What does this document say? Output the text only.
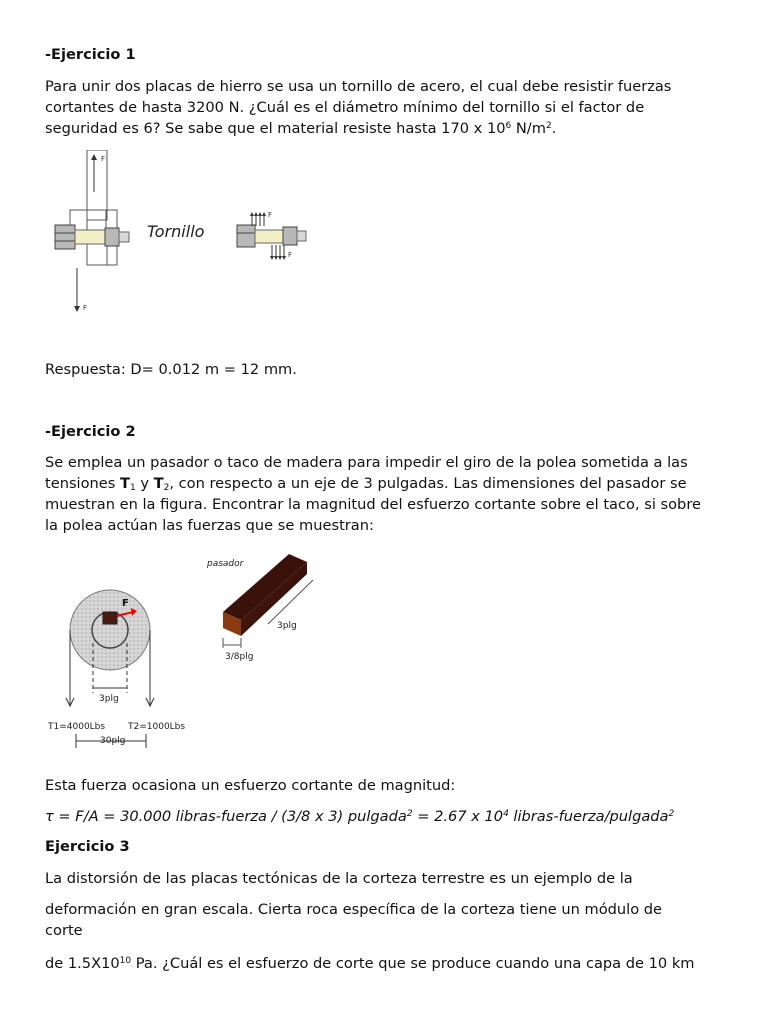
-Ejercicio 1

Para unir dos placas de hierro se usa un tornillo de acero, el cual debe resistir fuerzas

cortantes de hasta 3200 N. ¿Cuál es el diámetro mínimo del tornillo si el factor de

seguridad es 6? Se sabe que el material resiste hasta 170 x $10^6$ $N/m^2$.

F
F
Tornillo
F
F

Respuesta: D= 0.012 m = 12 mm.

-Ejercicio 2

Se emplea un pasador o taco de madera para impedir el giro de la polea sometida a las

tensiones $T_1$ y $T_2$, con respecto a un eje de 3 pulgadas. Las dimensiones del pasador se

muestran en la figura. Encontrar la magnitud del esfuerzo cortante sobre el taco, si sobre

la polea actúan las fuerzas que se muestran:

F
3plg
T1=4000Lbs	T2=1000Lbs
30plg
pasador
3plg
3/8plg

Esta fuerza ocasiona un esfuerzo cortante de magnitud:

τ = F/A = 30.000 libras-fuerza / (3/8 x 3) pulgada$^2$ = 2.67 x $10^4$ libras-fuerza/pulgada$^2$

Ejercicio 3

La distorsión de las placas tectónicas de la corteza terrestre es un ejemplo de la

deformación en gran escala. Cierta roca específica de la corteza tiene un módulo de

corte

de $1.5X10^{10}$ Pa. ¿Cuál es el esfuerzo de corte que se produce cuando una capa de 10 km
